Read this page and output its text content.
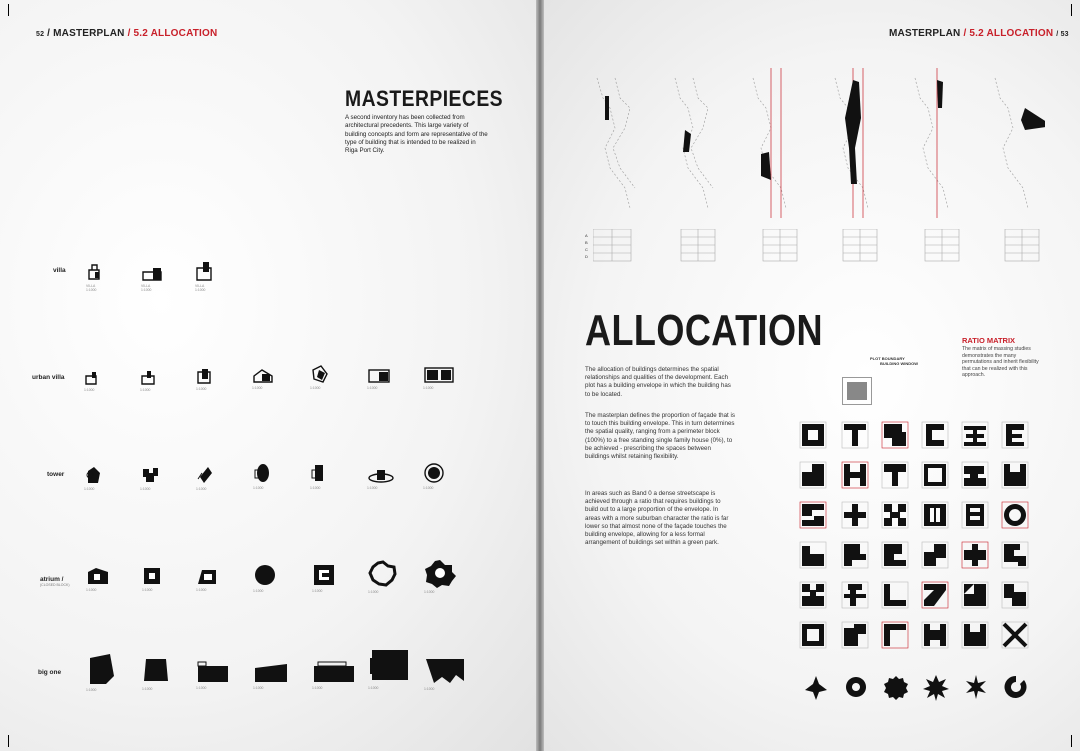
52 / MASTERPLAN / 5.2 ALLOCATION
MASTERPIECES
A second inventory has been collected from architectural precedents. This large variety of building concepts and form are representative of the type of building that is intended to be realized in Riga Port City.
villa
urban villa
tower
atrium /
(CLOSED BLOCK)
big one
VILLA
1:1000
VILLA
1:1000
VILLA
1:1000
1:1000	1:1000	1:1000	1:1000	1:1000	1:1000	1:1000
1:1000	1:1000	1:1000	1:1000	1:1000	1:1000	1:1000
1:1000	1:1000	1:1000	1:1000	1:1000	1:1000	1:1000
1:1000	1:1000	1:1000	1:1000	1:1000	1:1000	1:1000
MASTERPLAN / 5.2 ALLOCATION / 53
A
B
C
D
ALLOCATION
The allocation of buildings determines the spatial relationships and qualities of the development. Each plot has a building envelope in which the building has to be located.
The masterplan defines the proportion of façade that is to touch this building envelope. This in turn determines the spatial quality, ranging from a perimeter block (100%) to a free standing single family house (0%), to be achieved - prescribing the spaces between buildings whilst retaining flexibility.
In areas such as Band 0 a dense streetscape is achieved through a ratio that requires buildings to build out to a large proportion of the envelope. In areas with a more suburban character the ratio is far lower so that almost none of the façade touches the building envelope, allowing for a less formal arrangement of buildings set within a green park.
PLOT BOUNDARY
BUILDING WINDOW
RATIO MATRIX
The matrix of massing studies demonstrates the many permutations and inherit flexibility that can be realized with this approach.
